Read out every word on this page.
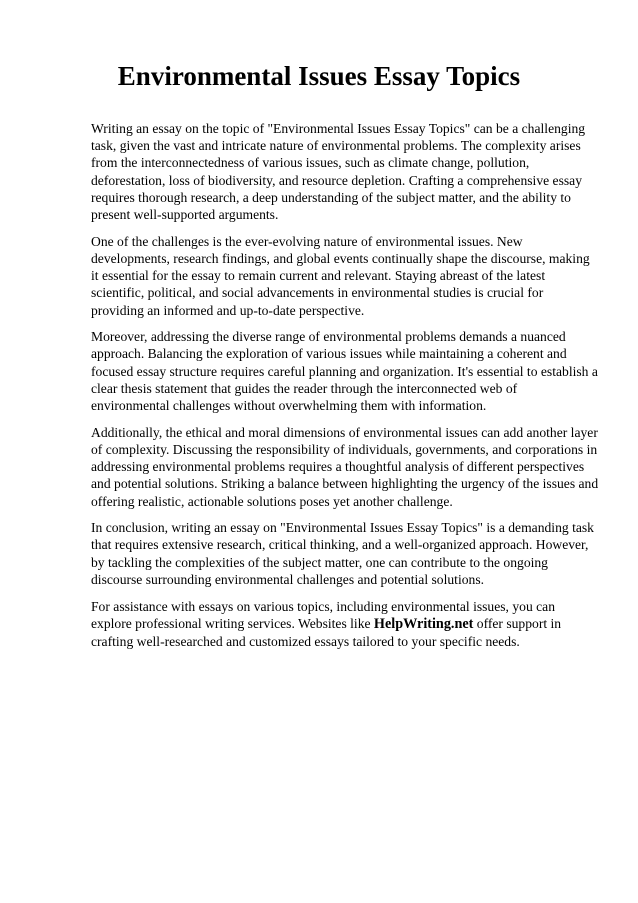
Environmental Issues Essay Topics

Writing an essay on the topic of "Environmental Issues Essay Topics" can be a challenging task, given the vast and intricate nature of environmental problems. The complexity arises from the interconnectedness of various issues, such as climate change, pollution, deforestation, loss of biodiversity, and resource depletion. Crafting a comprehensive essay requires thorough research, a deep understanding of the subject matter, and the ability to present well-supported arguments.

One of the challenges is the ever-evolving nature of environmental issues. New developments, research findings, and global events continually shape the discourse, making it essential for the essay to remain current and relevant. Staying abreast of the latest scientific, political, and social advancements in environmental studies is crucial for providing an informed and up-to-date perspective.

Moreover, addressing the diverse range of environmental problems demands a nuanced approach. Balancing the exploration of various issues while maintaining a coherent and focused essay structure requires careful planning and organization. It's essential to establish a clear thesis statement that guides the reader through the interconnected web of environmental challenges without overwhelming them with information.

Additionally, the ethical and moral dimensions of environmental issues can add another layer of complexity. Discussing the responsibility of individuals, governments, and corporations in addressing environmental problems requires a thoughtful analysis of different perspectives and potential solutions. Striking a balance between highlighting the urgency of the issues and offering realistic, actionable solutions poses yet another challenge.

In conclusion, writing an essay on "Environmental Issues Essay Topics" is a demanding task that requires extensive research, critical thinking, and a well-organized approach. However, by tackling the complexities of the subject matter, one can contribute to the ongoing discourse surrounding environmental challenges and potential solutions.

For assistance with essays on various topics, including environmental issues, you can explore professional writing services. Websites like HelpWriting.net offer support in crafting well-researched and customized essays tailored to your specific needs.
